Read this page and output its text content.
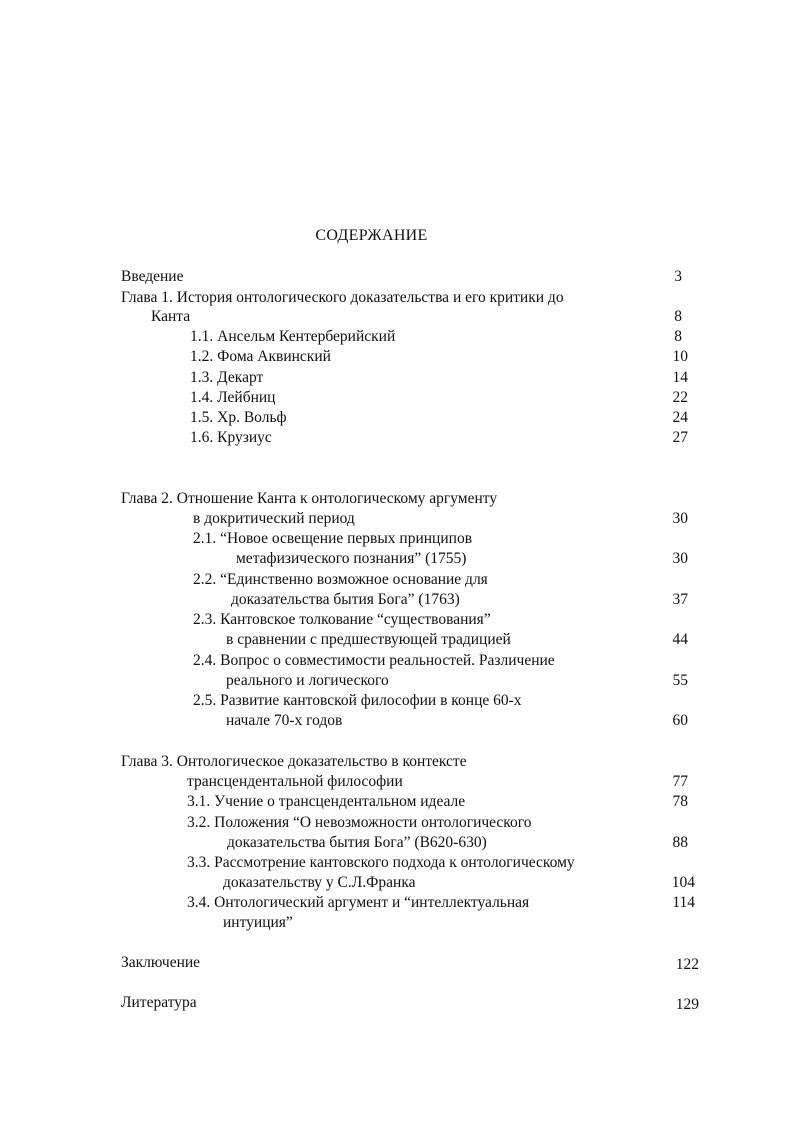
СОДЕРЖАНИЕ
Введение	3
Глава 1. История онтологического доказательства и его критики до
Канта	8
1.1. Ансельм Кентерберийский	8
1.2. Фома Аквинский	10
1.3. Декарт	14
1.4. Лейбниц	22
1.5. Хр. Вольф	24
1.6. Крузиус	27
Глава 2. Отношение Канта к онтологическому аргументу
в докритический период	30
2.1. “Новое освещение первых принципов
метафизического познания” (1755)	30
2.2. “Единственно возможное основание для
доказательства бытия Бога” (1763)	37
2.3. Кантовское толкование “существования”
в сравнении с предшествующей традицией	44
2.4. Вопрос о совместимости реальностей. Различение
реального и логического	55
2.5. Развитие кантовской философии в конце 60-х
начале 70-х годов	60
Глава 3. Онтологическое доказательство в контексте
трансцендентальной философии	77
3.1. Учение о трансцендентальном идеале	78
3.2. Положения “О невозможности онтологического
доказательства бытия Бога” (В620-630)	88
3.3. Рассмотрение кантовского подхода к онтологическому
доказательству у С.Л.Франка	104
3.4. Онтологический аргумент и “интеллектуальная	114
интуиция”
Заключение	122
Литература	129
